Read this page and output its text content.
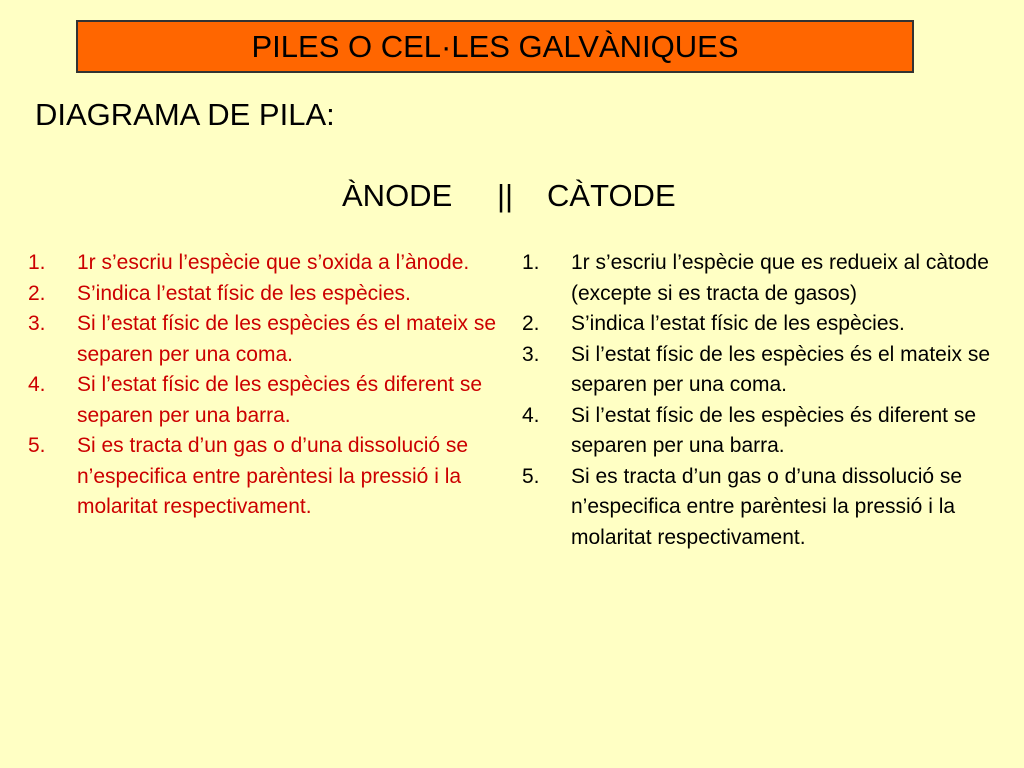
PILES O CEL·LES GALVÀNIQUES
DIAGRAMA DE PILA:
ÀNODE || CÀTODE
1.	1r s’escriu l’espècie que s’oxida a l’ànode.
2.	S’indica l’estat físic de les espècies.
3.	Si l’estat físic de les espècies és el mateix se separen per una coma.
4.	Si l’estat físic de les espècies és diferent se separen per una barra.
5.	Si es tracta d’un gas o d’una dissolució se n’especifica entre parèntesi la pressió i la molaritat respectivament.
1.	1r s’escriu l’espècie que es redueix al càtode (excepte si es tracta de gasos)
2.	S’indica l’estat físic de les espècies.
3.	Si l’estat físic de les espècies és el mateix se separen per una coma.
4.	Si l’estat físic de les espècies és diferent se separen per una barra.
5.	Si es tracta d’un gas o d’una dissolució se n’especifica entre parèntesi la pressió i la molaritat respectivament.
